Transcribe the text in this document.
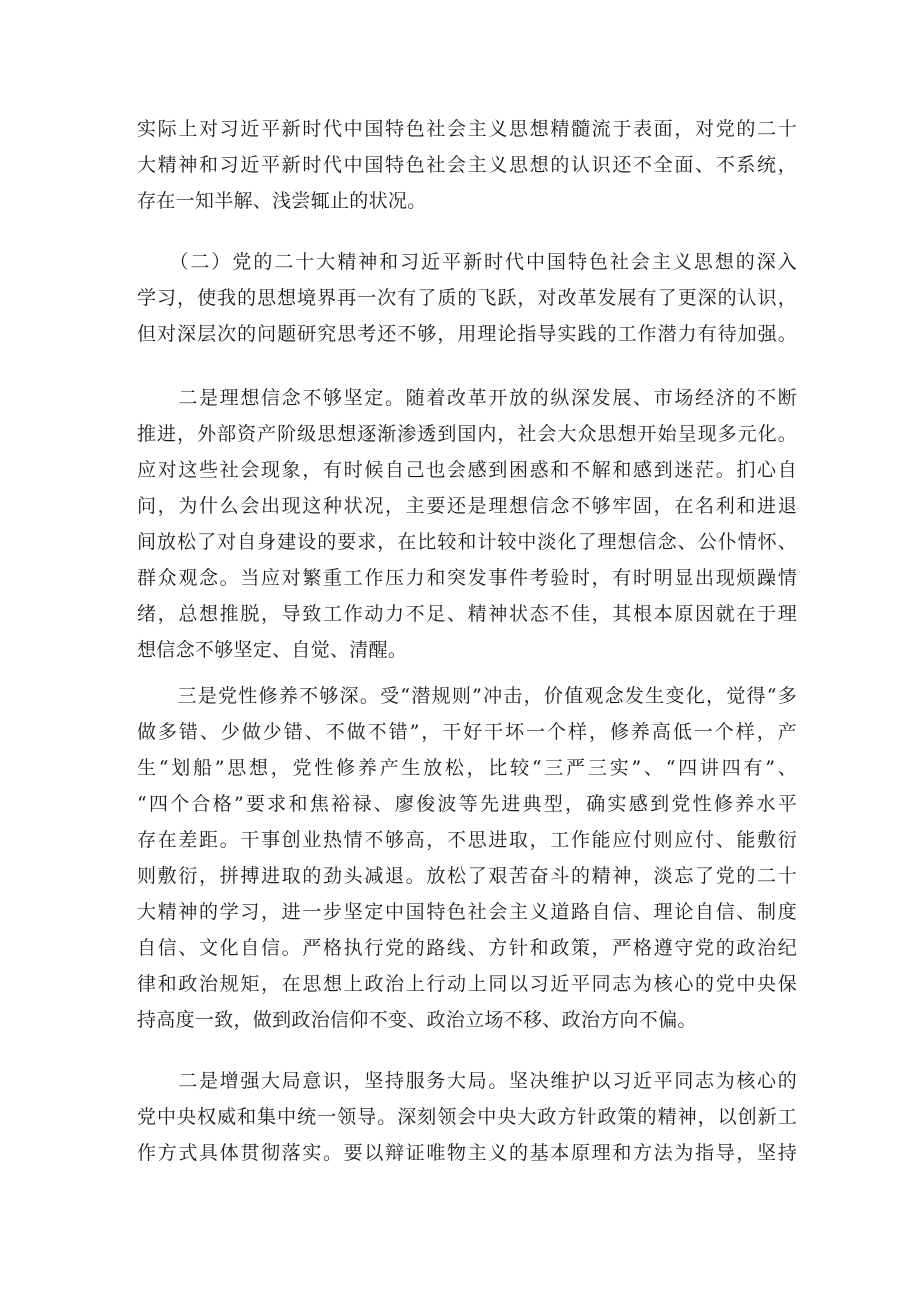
实际上对习近平新时代中国特色社会主义思想精髓流于表面，对党的二十
大精神和习近平新时代中国特色社会主义思想的认识还不全面、不系统，
存在一知半解、浅尝辄止的状况。
　　（二）党的二十大精神和习近平新时代中国特色社会主义思想的深入
学习，使我的思想境界再一次有了质的飞跃，对改革发展有了更深的认识，
但对深层次的问题研究思考还不够，用理论指导实践的工作潜力有待加强。
　　二是理想信念不够坚定。随着改革开放的纵深发展、市场经济的不断
推进，外部资产阶级思想逐渐渗透到国内，社会大众思想开始呈现多元化。
应对这些社会现象，有时候自己也会感到困惑和不解和感到迷茫。扪心自
问，为什么会出现这种状况，主要还是理想信念不够牢固，在名利和进退
间放松了对自身建设的要求，在比较和计较中淡化了理想信念、公仆情怀、
群众观念。当应对繁重工作压力和突发事件考验时，有时明显出现烦躁情
绪，总想推脱，导致工作动力不足、精神状态不佳，其根本原因就在于理
想信念不够坚定、自觉、清醒。
　　三是党性修养不够深。受“潜规则”冲击，价值观念发生变化，觉得“多
做多错、少做少错、不做不错”，干好干坏一个样，修养高低一个样，产
生“划船”思想，党性修养产生放松，比较“三严三实”、“四讲四有”、
“四个合格”要求和焦裕禄、廖俊波等先进典型，确实感到党性修养水平
存在差距。干事创业热情不够高，不思进取，工作能应付则应付、能敷衍
则敷衍，拼搏进取的劲头减退。放松了艰苦奋斗的精神，淡忘了党的二十
大精神的学习，进一步坚定中国特色社会主义道路自信、理论自信、制度
自信、文化自信。严格执行党的路线、方针和政策，严格遵守党的政治纪
律和政治规矩，在思想上政治上行动上同以习近平同志为核心的党中央保
持高度一致，做到政治信仰不变、政治立场不移、政治方向不偏。
　　二是增强大局意识，坚持服务大局。坚决维护以习近平同志为核心的
党中央权威和集中统一领导。深刻领会中央大政方针政策的精神，以创新工
作方式具体贯彻落实。要以辩证唯物主义的基本原理和方法为指导，坚持
